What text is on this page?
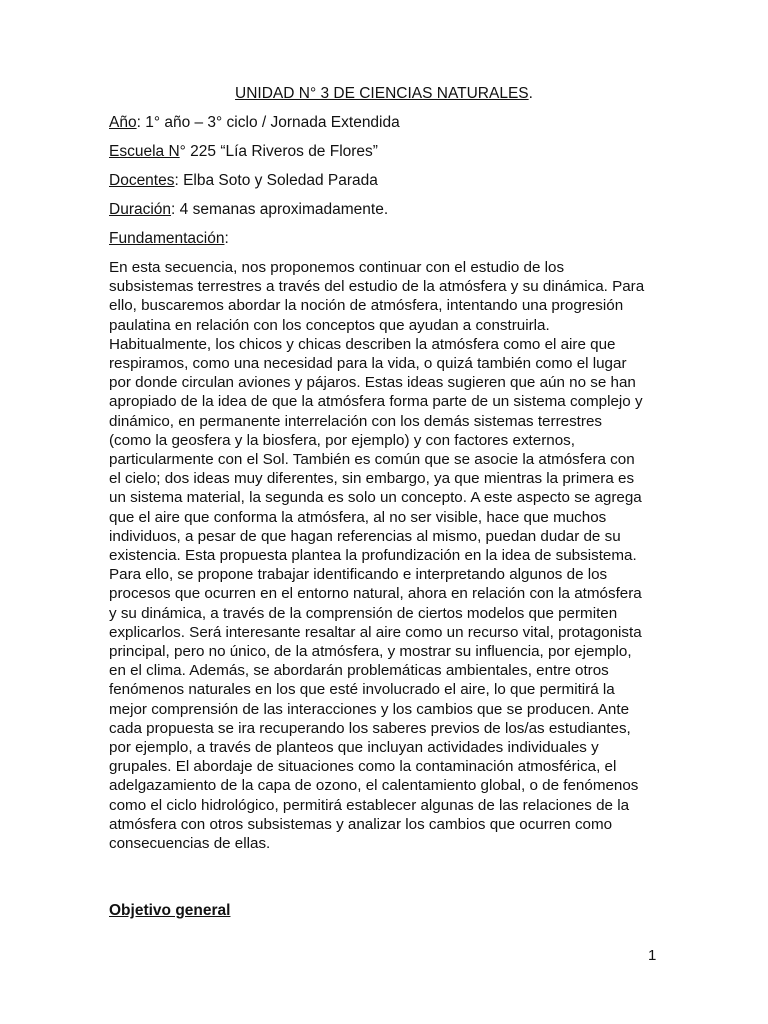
UNIDAD N° 3 DE CIENCIAS NATURALES.
Año: 1° año – 3° ciclo / Jornada Extendida
Escuela N° 225 “Lía Riveros de Flores”
Docentes: Elba Soto y Soledad Parada
Duración: 4 semanas aproximadamente.
Fundamentación:
En esta secuencia, nos proponemos continuar con el estudio de los
subsistemas terrestres a través del estudio de la atmósfera y su dinámica. Para
ello, buscaremos abordar la noción de atmósfera, intentando una progresión
paulatina en relación con los conceptos que ayudan a construirla.
Habitualmente, los chicos y chicas describen la atmósfera como el aire que
respiramos, como una necesidad para la vida, o quizá también como el lugar
por donde circulan aviones y pájaros. Estas ideas sugieren que aún no se han
apropiado de la idea de que la atmósfera forma parte de un sistema complejo y
dinámico, en permanente interrelación con los demás sistemas terrestres
(como la geosfera y la biosfera, por ejemplo) y con factores externos,
particularmente con el Sol. También es común que se asocie la atmósfera con
el cielo; dos ideas muy diferentes, sin embargo, ya que mientras la primera es
un sistema material, la segunda es solo un concepto. A este aspecto se agrega
que el aire que conforma la atmósfera, al no ser visible, hace que muchos
individuos, a pesar de que hagan referencias al mismo, puedan dudar de su
existencia. Esta propuesta plantea la profundización en la idea de subsistema.
Para ello, se propone trabajar identificando e interpretando algunos de los
procesos que ocurren en el entorno natural, ahora en relación con la atmósfera
y su dinámica, a través de la comprensión de ciertos modelos que permiten
explicarlos. Será interesante resaltar al aire como un recurso vital, protagonista
principal, pero no único, de la atmósfera, y mostrar su influencia, por ejemplo,
en el clima. Además, se abordarán problemáticas ambientales, entre otros
fenómenos naturales en los que esté involucrado el aire, lo que permitirá la
mejor comprensión de las interacciones y los cambios que se producen. Ante
cada propuesta se ira recuperando los saberes previos de los/as estudiantes,
por ejemplo, a través de planteos que incluyan actividades individuales y
grupales. El abordaje de situaciones como la contaminación atmosférica, el
adelgazamiento de la capa de ozono, el calentamiento global, o de fenómenos
como el ciclo hidrológico, permitirá establecer algunas de las relaciones de la
atmósfera con otros subsistemas y analizar los cambios que ocurren como
consecuencias de ellas.
Objetivo general
1
